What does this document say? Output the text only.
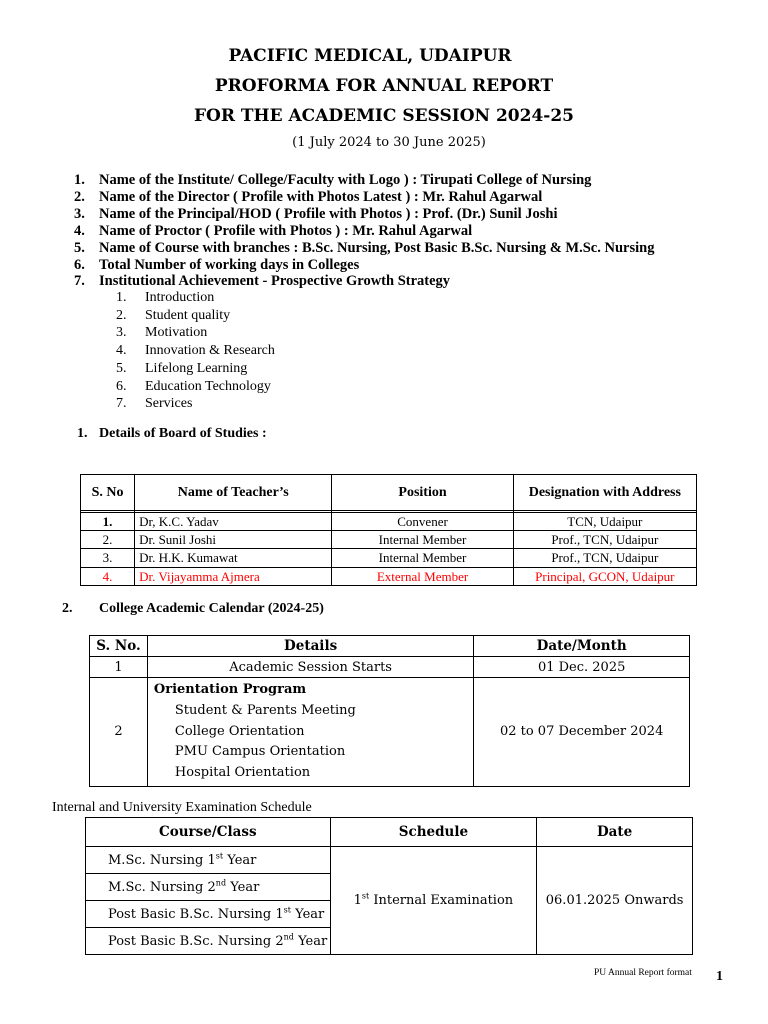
PACIFIC MEDICAL, UDAIPUR
PROFORMA FOR ANNUAL REPORT
FOR THE ACADEMIC SESSION 2024-25
(1 July 2024 to 30 June 2025)
1. Name of the Institute/ College/Faculty with Logo ) : Tirupati College of Nursing
2. Name of the Director ( Profile with Photos Latest ) : Mr. Rahul Agarwal
3. Name of the Principal/HOD ( Profile with Photos ) : Prof. (Dr.) Sunil Joshi
4. Name of Proctor ( Profile with Photos ) : Mr. Rahul Agarwal
5. Name of Course with branches : B.Sc. Nursing, Post Basic B.Sc. Nursing & M.Sc. Nursing
6. Total Number of working days in Colleges
7. Institutional Achievement - Prospective Growth Strategy
1.	Introduction
2.	Student quality
3.	Motivation
4.	Innovation & Research
5.	Lifelong Learning
6.	Education Technology
7.	Services
1. Details of Board of Studies :
S. No	Name of Teacher’s	Position	Designation with Address

1.	Dr, K.C. Yadav	Convener	TCN, Udaipur
2.	Dr. Sunil Joshi	Internal Member	Prof., TCN, Udaipur
3.	Dr. H.K. Kumawat	Internal Member	Prof., TCN, Udaipur
4.	Dr. Vijayamma Ajmera	External Member	Principal, GCON, Udaipur
2.	College Academic Calendar (2024-25)
S. No.	Details	Date/Month
1	Academic Session Starts	01 Dec. 2025
2	Orientation Program
Student & Parents Meeting
College Orientation
PMU Campus Orientation
Hospital Orientation	02 to 07 December 2024
Internal and University Examination Schedule
Course/Class	Schedule	Date
M.Sc. Nursing 1st Year	1st Internal Examination	06.01.2025 Onwards
M.Sc. Nursing 2nd Year		
Post Basic B.Sc. Nursing 1st Year		
Post Basic B.Sc. Nursing 2nd Year		
PU Annual Report format 1
